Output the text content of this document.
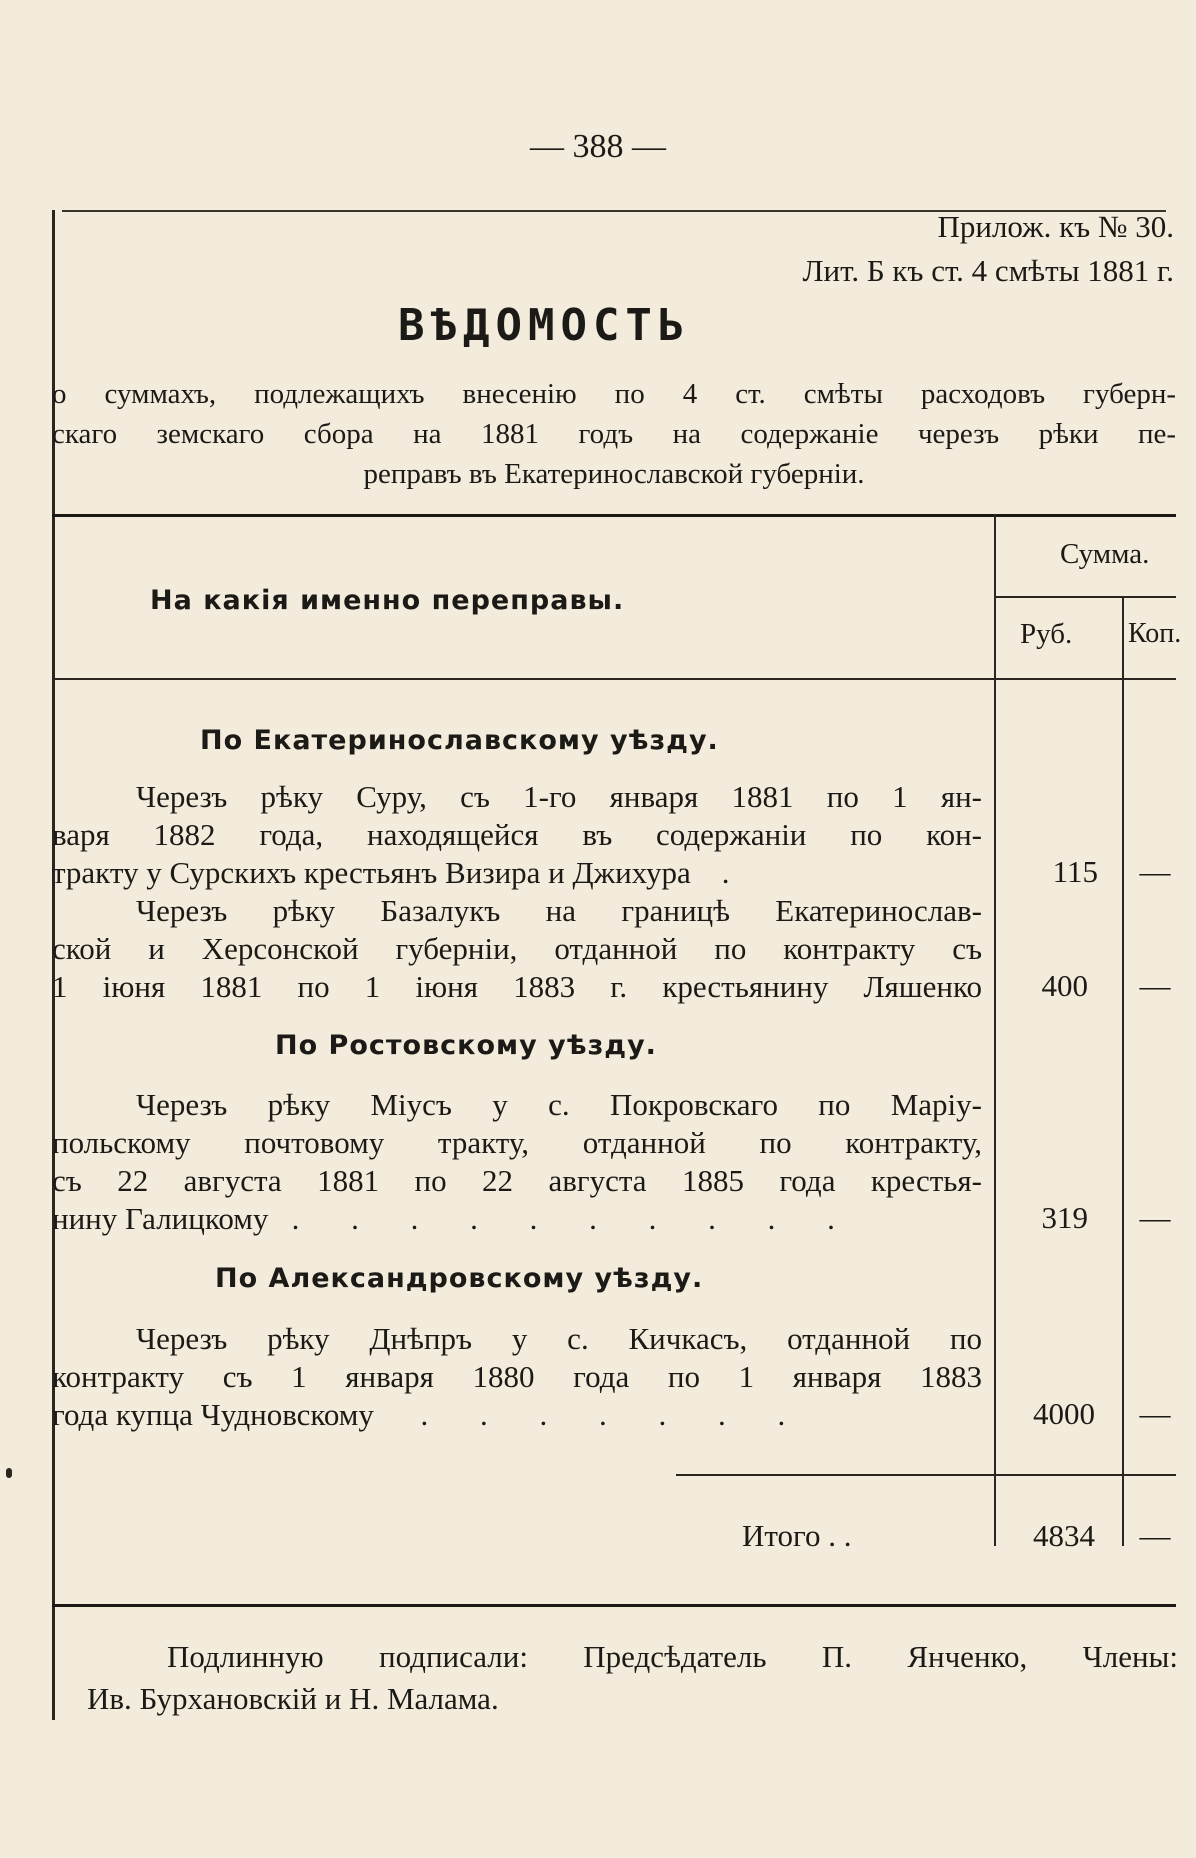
— 388 —
Прилож. къ № 30.
Лит. Б къ ст. 4 смѣты 1881 г.
ВѢДОМОСТЬ
о суммахъ, подлежащихъ внесенію по 4 ст. смѣты расходовъ губерн-
скаго земскаго сбора на 1881 годъ на содержаніе черезъ рѣки пе-
реправъ въ Екатеринославской губерніи.
На какія именно переправы.
Сумма.
Руб. Коп.
По Екатеринославскому уѣзду.
Черезъ рѣку Суру, съ 1-го января 1881 по 1 ян-
варя 1882 года, находящейся въ содержаніи по кон-
тракту у Сурскихъ крестьянъ Визира и Джихура .	115	—
Черезъ рѣку Базалукъ на границѣ Екатеринослав-
ской и Херсонской губерніи, отданной по контракту съ
1 іюня 1881 по 1 іюня 1883 г. крестьянину Ляшенко	400	—
По Ростовскому уѣзду.
Черезъ рѣку Міусъ у с. Покровскаго по Маріу-
польскому почтовому тракту, отданной по контракту,
съ 22 августа 1881 по 22 августа 1885 года крестья-
нину Галицкому . . . . . . . . . .	319	—
По Александровскому уѣзду.
Черезъ рѣку Днѣпръ у с. Кичкасъ, отданной по
контракту съ 1 января 1880 года по 1 января 1883
года купца Чудновскому . . . . . . .	4000	—
Итого . .	4834	—
Подлинную подписали: Предсѣдатель П. Янченко, Члены:
Ив. Бурхановскій и Н. Малама.
